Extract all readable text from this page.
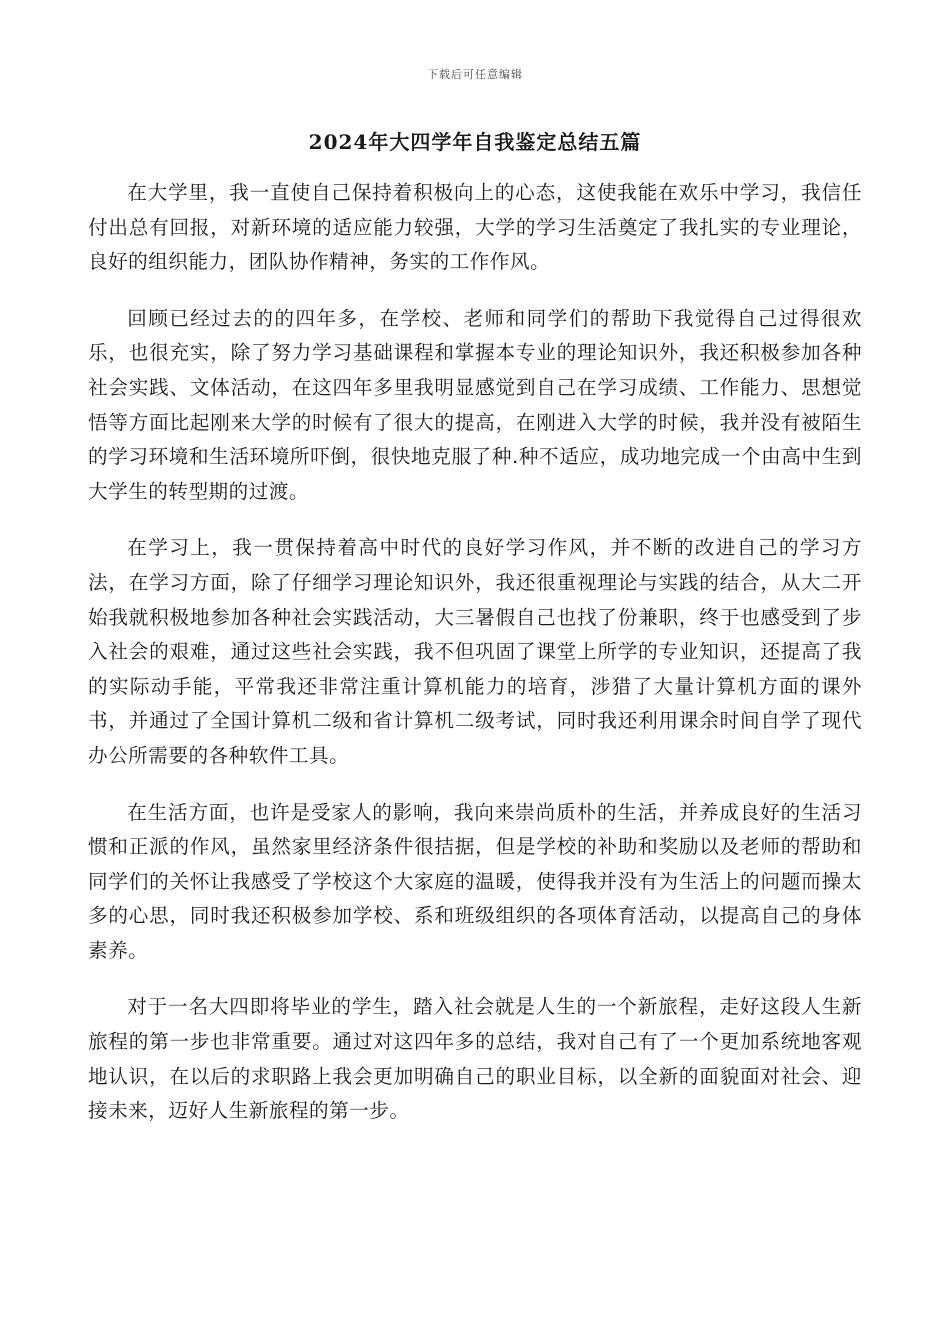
下载后可任意编辑
2024年大四学年自我鉴定总结五篇

在大学里，我一直使自己保持着积极向上的心态，这使我能在欢乐中学习，我信任付出总有回报，对新环境的适应能力较强，大学的学习生活奠定了我扎实的专业理论，良好的组织能力，团队协作精神，务实的工作作风。

回顾已经过去的的四年多，在学校、老师和同学们的帮助下我觉得自己过得很欢乐，也很充实，除了努力学习基础课程和掌握本专业的理论知识外，我还积极参加各种社会实践、文体活动，在这四年多里我明显感觉到自己在学习成绩、工作能力、思想觉悟等方面比起刚来大学的时候有了很大的提高，在刚进入大学的时候，我并没有被陌生的学习环境和生活环境所吓倒，很快地克服了种.种不适应，成功地完成一个由高中生到大学生的转型期的过渡。

在学习上，我一贯保持着高中时代的良好学习作风，并不断的改进自己的学习方法，在学习方面，除了仔细学习理论知识外，我还很重视理论与实践的结合，从大二开始我就积极地参加各种社会实践活动，大三暑假自己也找了份兼职，终于也感受到了步入社会的艰难，通过这些社会实践，我不但巩固了课堂上所学的专业知识，还提高了我的实际动手能，平常我还非常注重计算机能力的培育，涉猎了大量计算机方面的课外书，并通过了全国计算机二级和省计算机二级考试，同时我还利用课余时间自学了现代办公所需要的各种软件工具。

在生活方面，也许是受家人的影响，我向来崇尚质朴的生活，并养成良好的生活习惯和正派的作风，虽然家里经济条件很拮据，但是学校的补助和奖励以及老师的帮助和同学们的关怀让我感受了学校这个大家庭的温暖，使得我并没有为生活上的问题而操太多的心思，同时我还积极参加学校、系和班级组织的各项体育活动，以提高自己的身体素养。

对于一名大四即将毕业的学生，踏入社会就是人生的一个新旅程，走好这段人生新旅程的第一步也非常重要。通过对这四年多的总结，我对自己有了一个更加系统地客观地认识，在以后的求职路上我会更加明确自己的职业目标，以全新的面貌面对社会、迎接未来，迈好人生新旅程的第一步。
